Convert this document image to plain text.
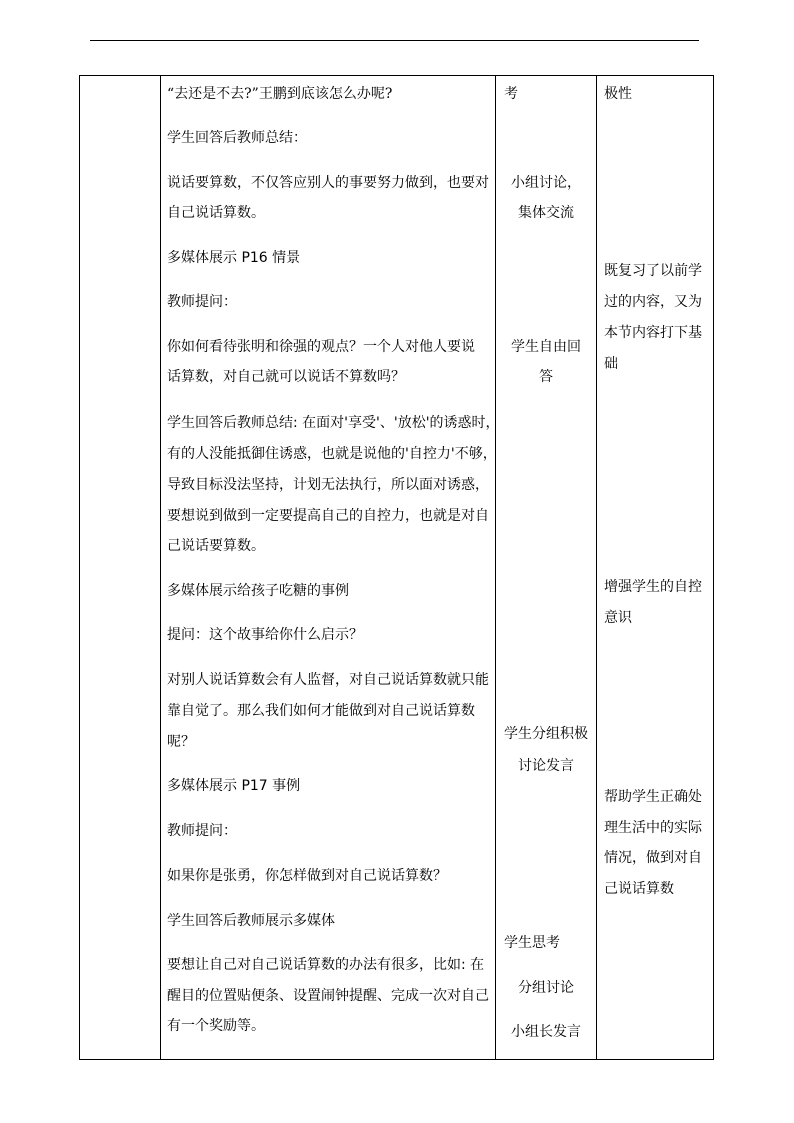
“去还是不去?”王鹏到底该怎么办呢?
学生回答后教师总结：
说话要算数，不仅答应别人的事要努力做到，也要对
自己说话算数。
多媒体展示 P16 情景
教师提问：
你如何看待张明和徐强的观点？一个人对他人要说
话算数，对自己就可以说话不算数吗？
学生回答后教师总结: 在面对'享受'、'放松'的诱惑时，
有的人没能抵御住诱惑，也就是说他的'自控力'不够，
导致目标没法坚持，计划无法执行，所以面对诱惑，
要想说到做到一定要提高自己的自控力，也就是对自
己说话要算数。
多媒体展示给孩子吃糖的事例
提问：这个故事给你什么启示？
对别人说话算数会有人监督，对自己说话算数就只能
靠自觉了。那么我们如何才能做到对自己说话算数
呢？
多媒体展示 P17 事例
教师提问：
如果你是张勇，你怎样做到对自己说话算数？
学生回答后教师展示多媒体
要想让自己对自己说话算数的办法有很多，比如: 在
醒目的位置贴便条、设置闹钟提醒、完成一次对自己
有一个奖励等。
考
小组讨论，
集体交流
学生自由回
答
学生分组积极
讨论发言
学生思考
分组讨论
小组长发言
极性
既复习了以前学
过的内容，又为
本节内容打下基
础
增强学生的自控
意识
帮助学生正确处
理生活中的实际
情况，做到对自
己说话算数
